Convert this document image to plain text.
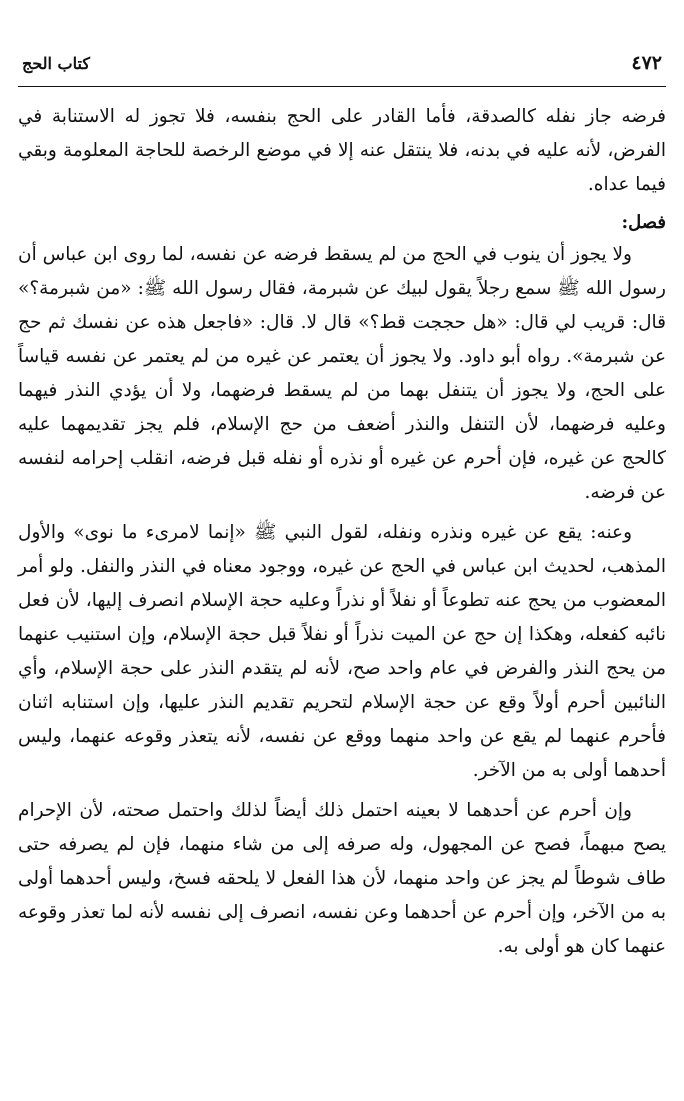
٤٧٢
كتاب الحج

فرضه جاز نفله كالصدقة، فأما القادر على الحج بنفسه، فلا تجوز له الاستنابة في الفرض، لأنه عليه في بدنه، فلا ينتقل عنه إلا في موضع الرخصة للحاجة المعلومة وبقي فيما عداه.

فصل:

ولا يجوز أن ينوب في الحج من لم يسقط فرضه عن نفسه، لما روى ابن عباس أن رسول الله ﷺ سمع رجلاً يقول لبيك عن شبرمة، فقال رسول الله ﷺ: «من شبرمة؟» قال: قريب لي قال: «هل حججت قط؟» قال لا. قال: «فاجعل هذه عن نفسك ثم حج عن شبرمة». رواه أبو داود. ولا يجوز أن يعتمر عن غيره من لم يعتمر عن نفسه قياساً على الحج، ولا يجوز أن يتنفل بهما من لم يسقط فرضهما، ولا أن يؤدي النذر فيهما وعليه فرضهما، لأن التنفل والنذر أضعف من حج الإسلام، فلم يجز تقديمهما عليه كالحج عن غيره، فإن أحرم عن غيره أو نذره أو نفله قبل فرضه، انقلب إحرامه لنفسه عن فرضه.

وعنه: يقع عن غيره ونذره ونفله، لقول النبي ﷺ «إنما لامرىء ما نوى» والأول المذهب، لحديث ابن عباس في الحج عن غيره، ووجود معناه في النذر والنفل. ولو أمر المعضوب من يحج عنه تطوعاً أو نفلاً أو نذراً وعليه حجة الإسلام انصرف إليها، لأن فعل نائبه كفعله، وهكذا إن حج عن الميت نذراً أو نفلاً قبل حجة الإسلام، وإن استنيب عنهما من يحج النذر والفرض في عام واحد صح، لأنه لم يتقدم النذر على حجة الإسلام، وأي النائبين أحرم أولاً وقع عن حجة الإسلام لتحريم تقديم النذر عليها، وإن استنابه اثنان فأحرم عنهما لم يقع عن واحد منهما ووقع عن نفسه، لأنه يتعذر وقوعه عنهما، وليس أحدهما أولى به من الآخر.

وإن أحرم عن أحدهما لا بعينه احتمل ذلك أيضاً لذلك واحتمل صحته، لأن الإحرام يصح مبهماً، فصح عن المجهول، وله صرفه إلى من شاء منهما، فإن لم يصرفه حتى طاف شوطاً لم يجز عن واحد منهما، لأن هذا الفعل لا يلحقه فسخ، وليس أحدهما أولى به من الآخر، وإن أحرم عن أحدهما وعن نفسه، انصرف إلى نفسه لأنه لما تعذر وقوعه عنهما كان هو أولى به.
